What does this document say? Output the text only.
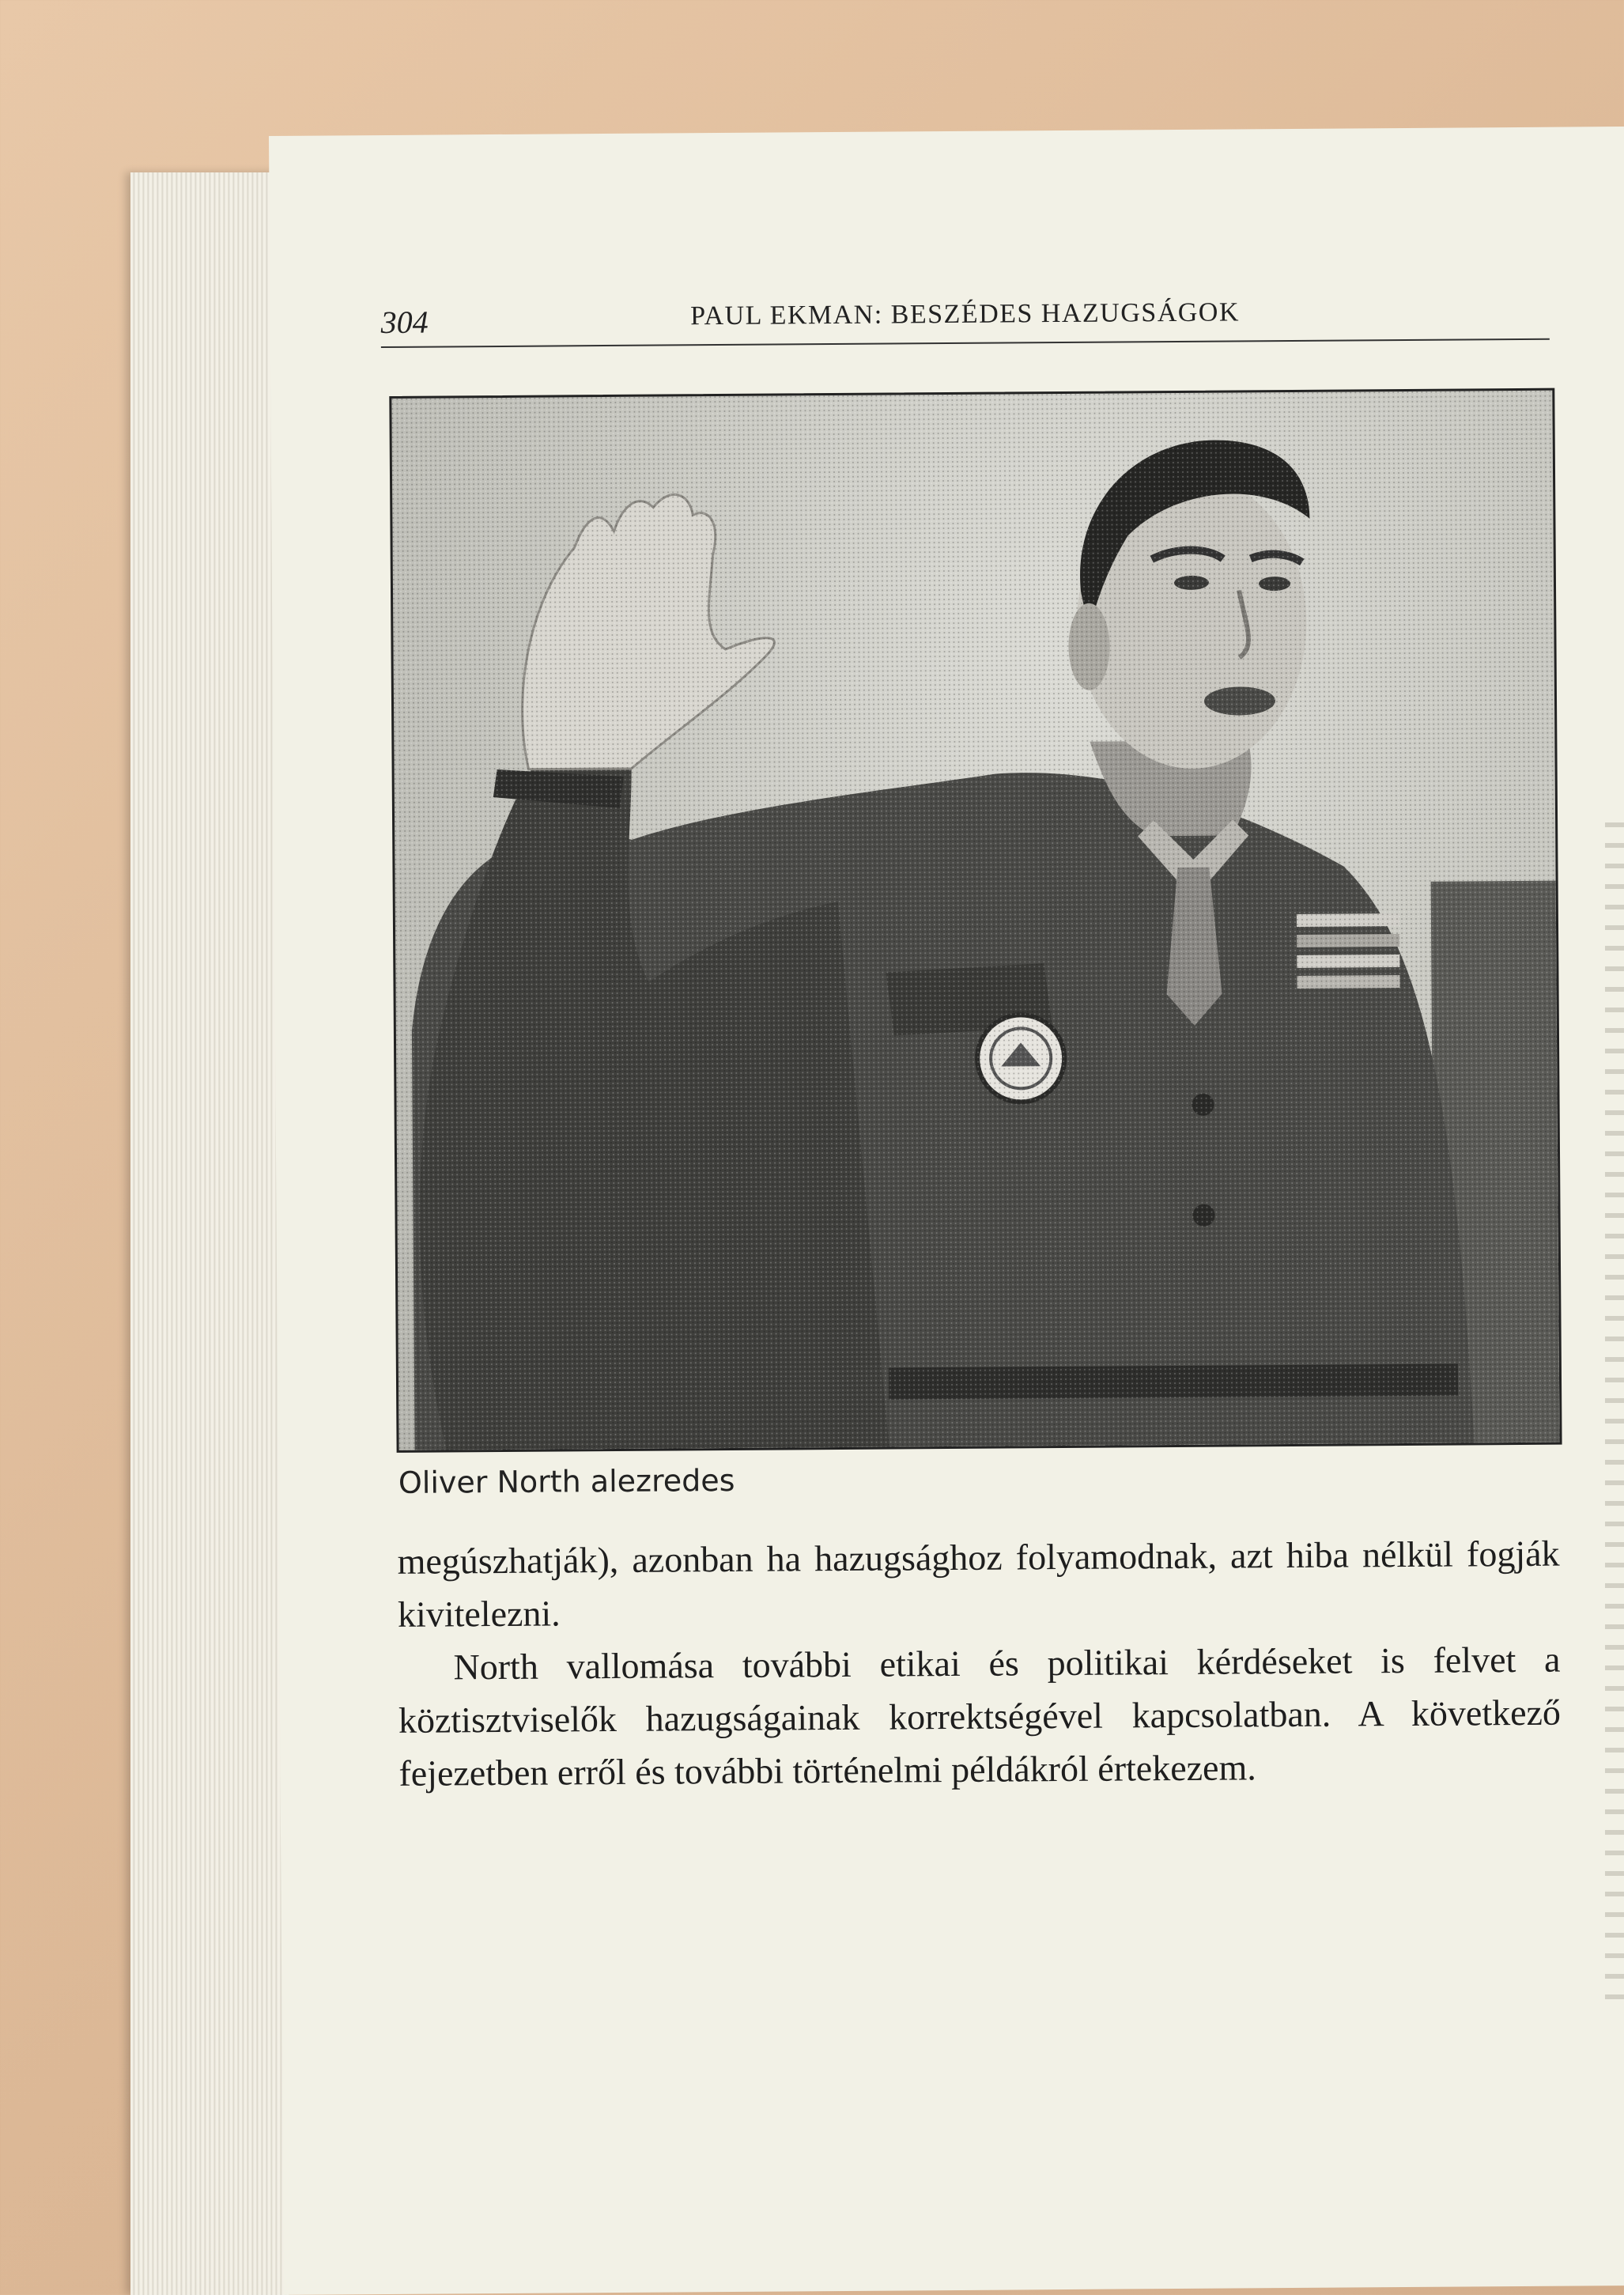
304	PAUL EKMAN: BESZÉDES HAZUGSÁGOK
Oliver North alezredes

megúszhatják), azonban ha hazugsághoz folyamodnak, azt hiba nélkül fogják kivitelezni.

North vallomása további etikai és politikai kérdéseket is felvet a köztisztviselők hazugságainak korrektségével kapcsolatban. A következő fejezetben erről és további történelmi példákról értekezem.
